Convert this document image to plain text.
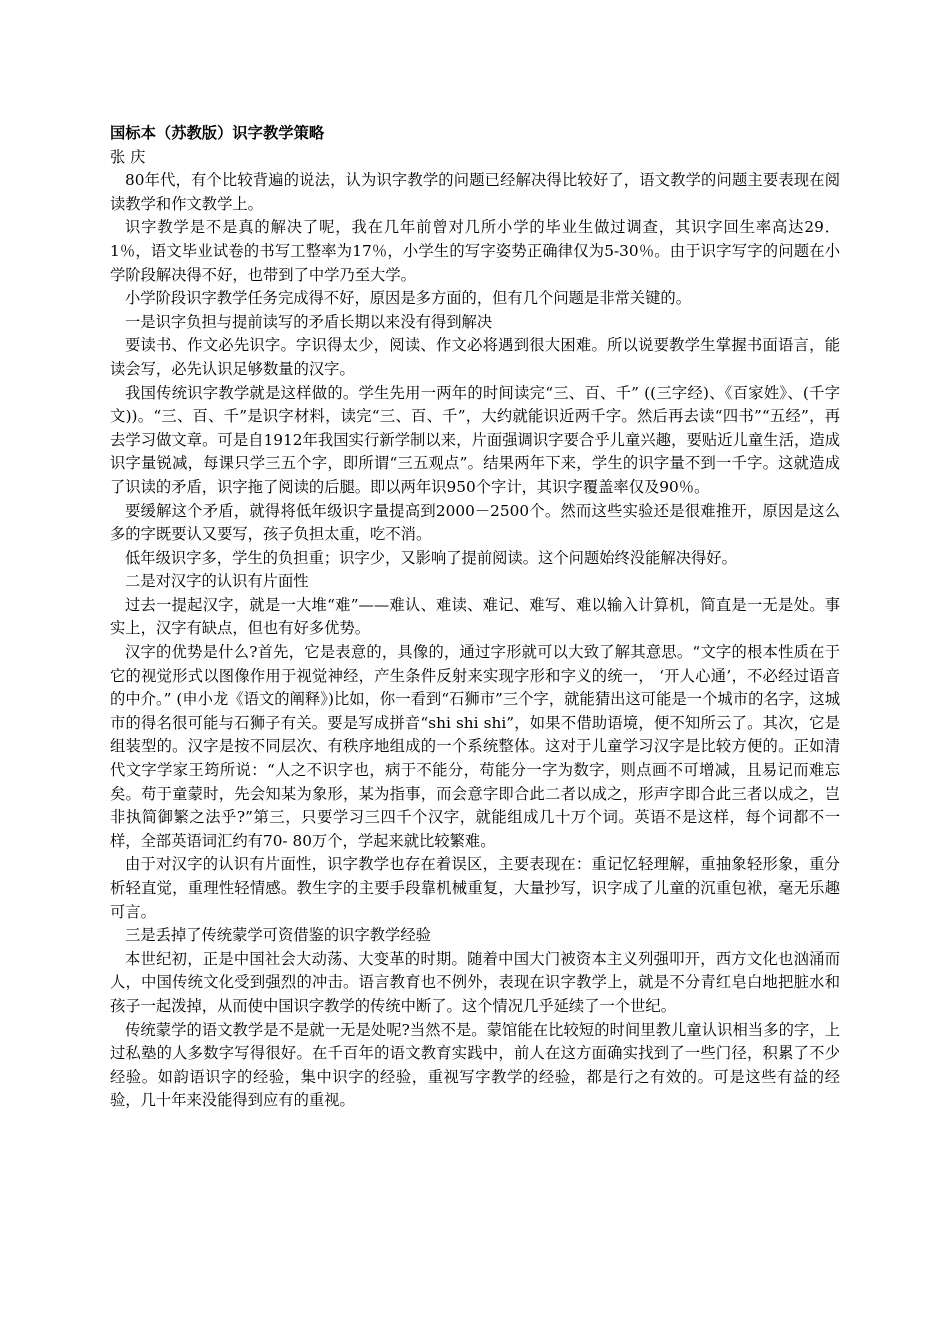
国标本（苏教版）识字教学策略

张 庆

80年代，有个比较背遍的说法，认为识字教学的问题已经解决得比较好了，语文教学的问题主要表现在阅读教学和作文教学上。

识字教学是不是真的解决了呢，我在几年前曾对几所小学的毕业生做过调查，其识字回生率高达29．1％，语文毕业试卷的书写工整率为17％，小学生的写字姿势正确律仅为5-30％。由于识字写字的问题在小学阶段解决得不好，也带到了中学乃至大学。

小学阶段识字教学任务完成得不好，原因是多方面的，但有几个问题是非常关键的。

一是识字负担与提前读写的矛盾长期以来没有得到解决

要读书、作文必先识字。字识得太少，阅读、作文必将遇到很大困难。所以说要教学生掌握书面语言，能读会写，必先认识足够数量的汉字。

我国传统识字教学就是这样做的。学生先用一两年的时间读完“三、百、千” ((三字经)、《百家姓》、(千字文))。“三、百、千”是识字材料，读完“三、百、千”，大约就能识近两千字。然后再去读“四书”“五经”，再去学习做文章。可是自1912年我国实行新学制以来，片面强调识字要合乎儿童兴趣，要贴近儿童生活，造成识字量锐减，每课只学三五个字，即所谓“三五观点”。结果两年下来，学生的识字量不到一千字。这就造成了识读的矛盾，识字拖了阅读的后腿。即以两年识950个字计，其识字覆盖率仅及90％。

要缓解这个矛盾，就得将低年级识字量提高到2000－2500个。然而这些实验还是很难推开，原因是这么多的字既要认又要写，孩子负担太重，吃不消。

低年级识字多，学生的负担重；识字少，又影响了提前阅读。这个问题始终没能解决得好。

二是对汉字的认识有片面性

过去一提起汉字，就是一大堆“难”——难认、难读、难记、难写、难以输入计算机，简直是一无是处。事实上，汉字有缺点，但也有好多优势。

汉字的优势是什么?首先，它是表意的，具像的，通过字形就可以大致了解其意思。“文字的根本性质在于它的视觉形式以图像作用于视觉神经，产生条件反射来实现字形和字义的统一， ‘开人心通’，不必经过语音的中介。” (申小龙《语文的阐释》)比如，你一看到“石狮市”三个字，就能猜出这可能是一个城市的名字，这城市的得名很可能与石狮子有关。要是写成拼音“shi shi shi”，如果不借助语境，便不知所云了。其次，它是组装型的。汉字是按不同层次、有秩序地组成的一个系统整体。这对于儿童学习汉字是比较方便的。正如清代文字学家王筠所说：“人之不识字也，病于不能分，苟能分一字为数字，则点画不可增减，且易记而难忘矣。苟于童蒙时，先会知某为象形，某为指事，而会意字即合此二者以成之，形声字即合此三者以成之，岂非执简御繁之法乎?”第三，只要学习三四千个汉字，就能组成几十万个词。英语不是这样，每个词都不一样，全部英语词汇约有70- 80万个，学起来就比较繁难。

由于对汉字的认识有片面性，识字教学也存在着误区，主要表现在：重记忆轻理解，重抽象轻形象，重分析轻直觉，重理性轻情感。教生字的主要手段靠机械重复，大量抄写，识字成了儿童的沉重包袱，毫无乐趣可言。

三是丢掉了传统蒙学可资借鉴的识字教学经验

本世纪初，正是中国社会大动荡、大变革的时期。随着中国大门被资本主义列强叩开，西方文化也汹涌而人，中国传统文化受到强烈的冲击。语言教育也不例外，表现在识字教学上，就是不分青红皂白地把脏水和孩子一起泼掉，从而使中国识字教学的传统中断了。这个情况几乎延续了一个世纪。

传统蒙学的语文教学是不是就一无是处呢?当然不是。蒙馆能在比较短的时间里教儿童认识相当多的字，上过私塾的人多数字写得很好。在千百年的语文教育实践中，前人在这方面确实找到了一些门径，积累了不少经验。如韵语识字的经验，集中识字的经验，重视写字教学的经验，都是行之有效的。可是这些有益的经验，几十年来没能得到应有的重视。
